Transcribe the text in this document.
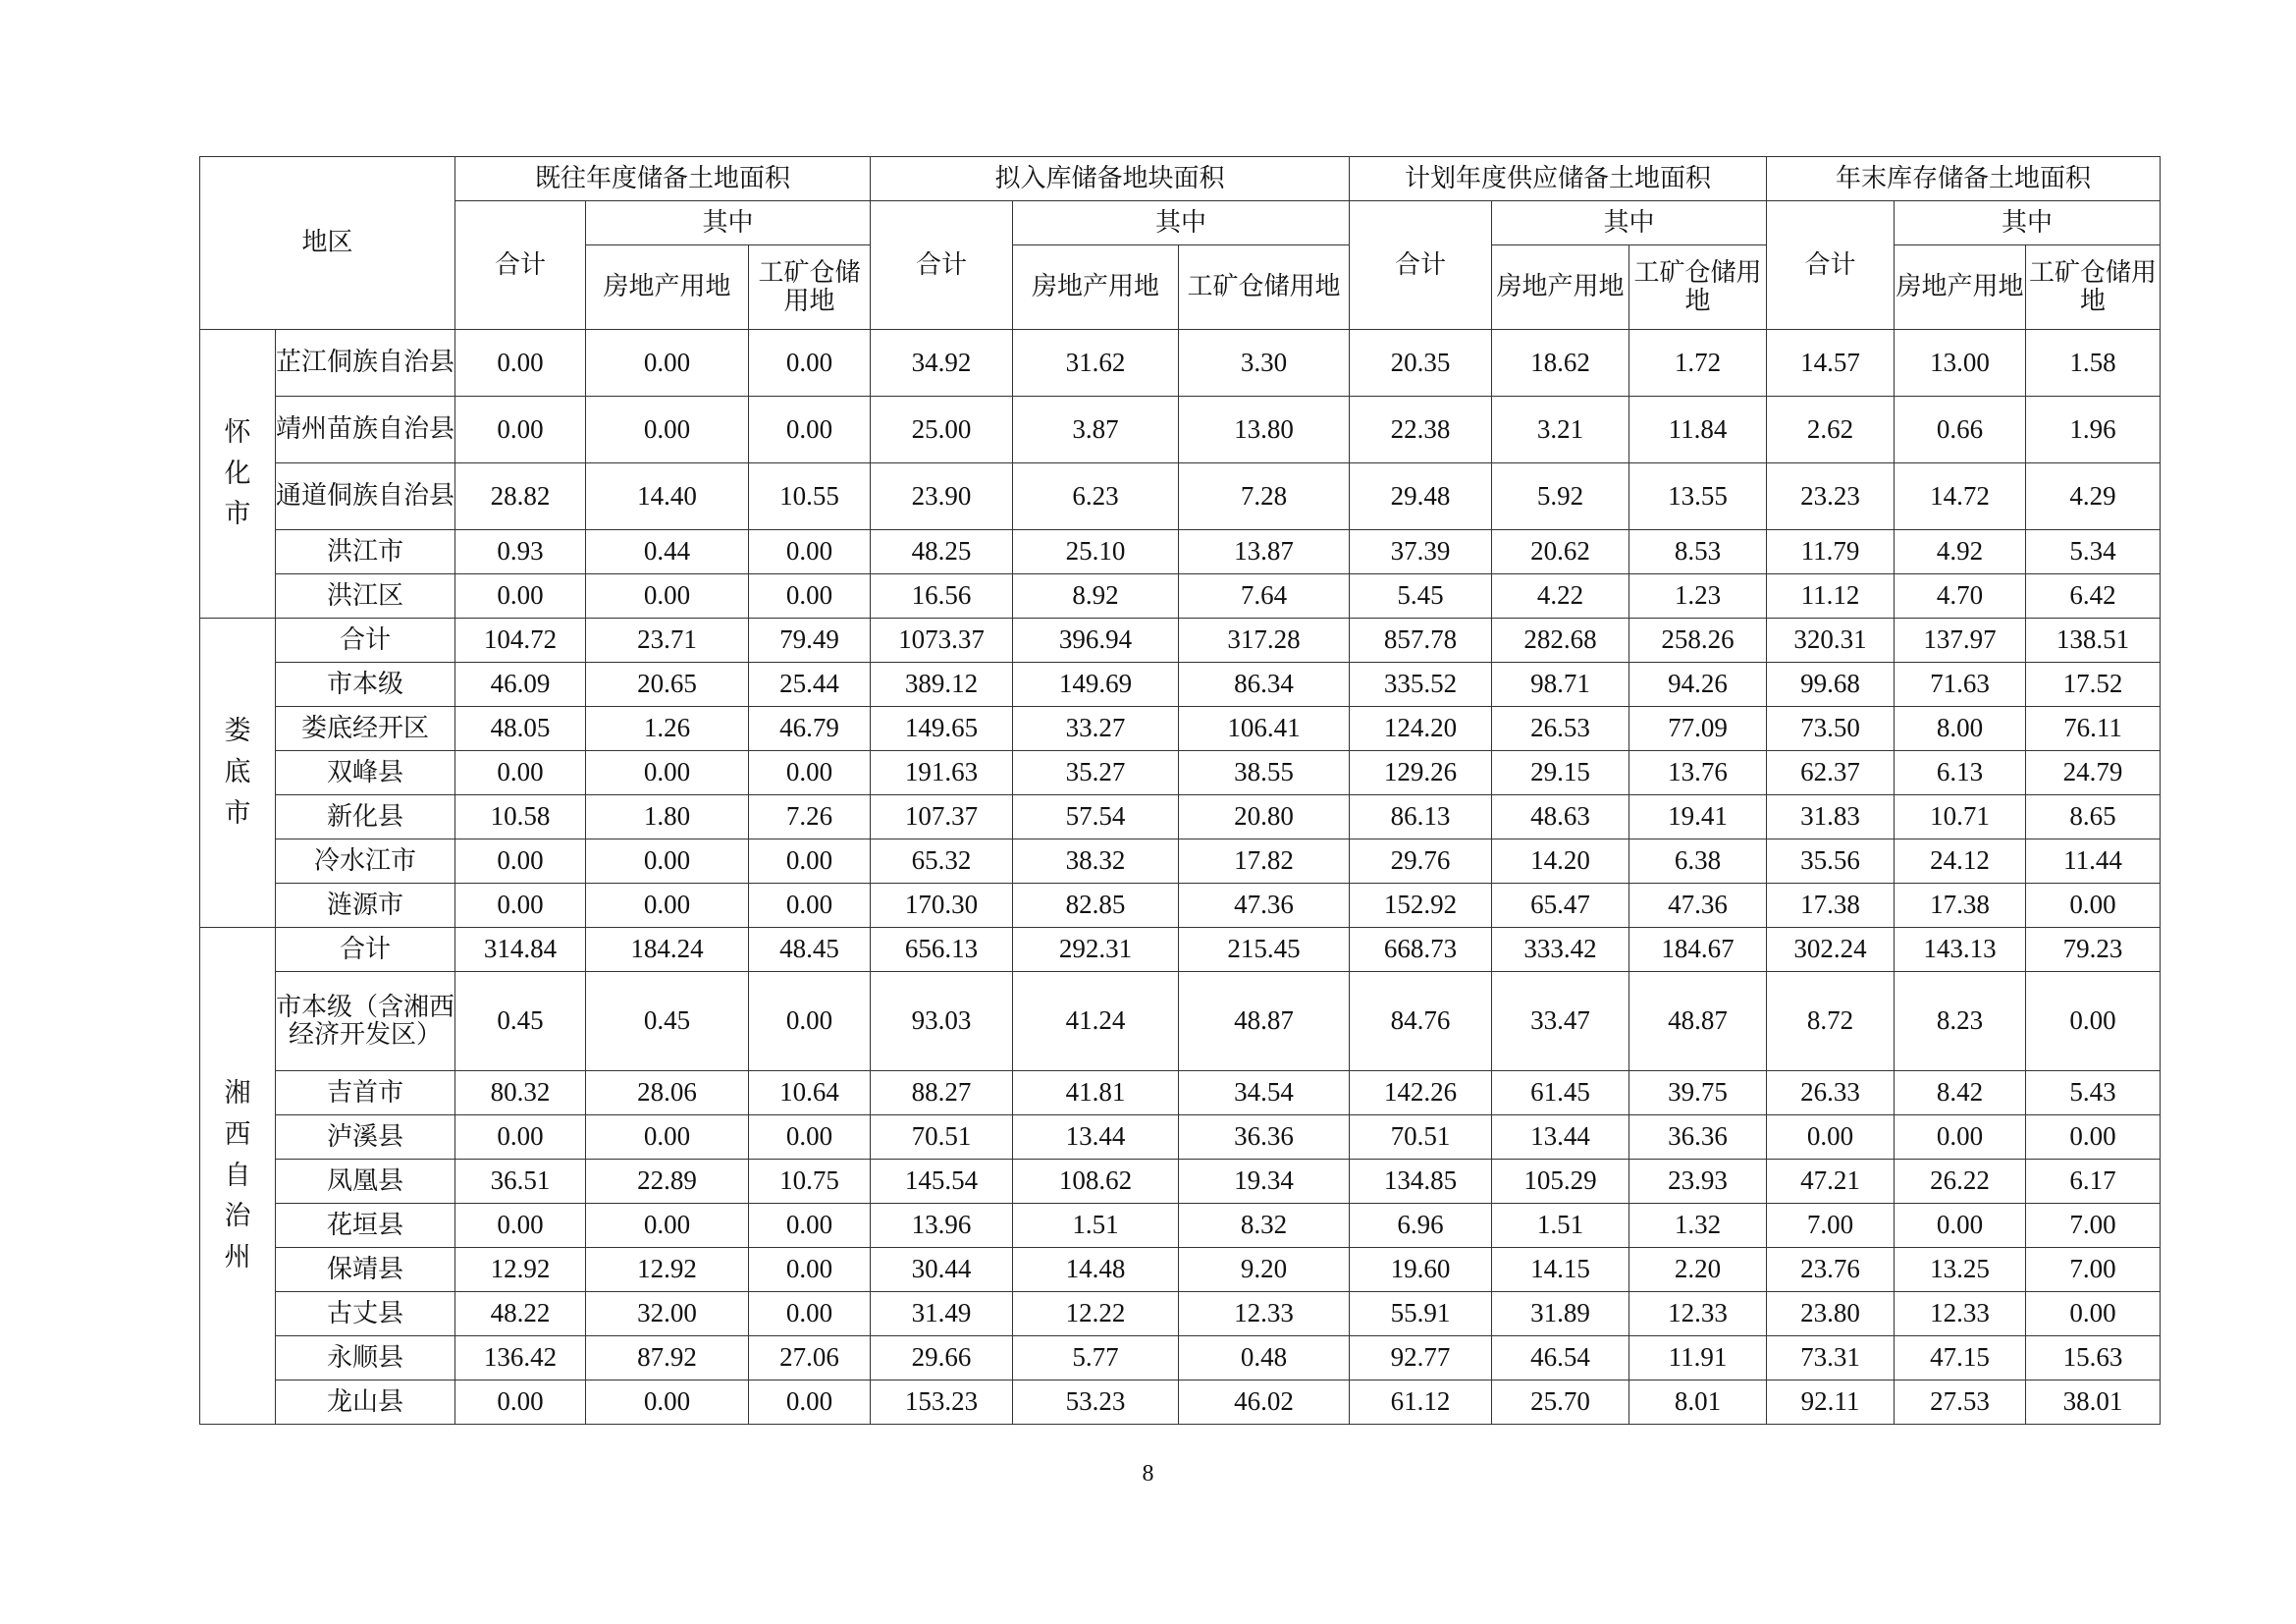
地区		既往年度储备土地面积			拟入库储备地块面积			计划年度供应储备土地面积			年末库存储备土地面积		
		合计	其中		合计	其中		合计	其中		合计	其中	
			房地产用地	工矿仓储用地		房地产用地	工矿仓储用地		房地产用地	工矿仓储用地		房地产用地	工矿仓储用地
怀化市	芷江侗族自治县	0.00	0.00	0.00	34.92	31.62	3.30	20.35	18.62	1.72	14.57	13.00	1.58
	靖州苗族自治县	0.00	0.00	0.00	25.00	3.87	13.80	22.38	3.21	11.84	2.62	0.66	1.96
	通道侗族自治县	28.82	14.40	10.55	23.90	6.23	7.28	29.48	5.92	13.55	23.23	14.72	4.29
	洪江市	0.93	0.44	0.00	48.25	25.10	13.87	37.39	20.62	8.53	11.79	4.92	5.34
	洪江区	0.00	0.00	0.00	16.56	8.92	7.64	5.45	4.22	1.23	11.12	4.70	6.42
娄底市	合计	104.72	23.71	79.49	1073.37	396.94	317.28	857.78	282.68	258.26	320.31	137.97	138.51
	市本级	46.09	20.65	25.44	389.12	149.69	86.34	335.52	98.71	94.26	99.68	71.63	17.52
	娄底经开区	48.05	1.26	46.79	149.65	33.27	106.41	124.20	26.53	77.09	73.50	8.00	76.11
	双峰县	0.00	0.00	0.00	191.63	35.27	38.55	129.26	29.15	13.76	62.37	6.13	24.79
	新化县	10.58	1.80	7.26	107.37	57.54	20.80	86.13	48.63	19.41	31.83	10.71	8.65
	冷水江市	0.00	0.00	0.00	65.32	38.32	17.82	29.76	14.20	6.38	35.56	24.12	11.44
	涟源市	0.00	0.00	0.00	170.30	82.85	47.36	152.92	65.47	47.36	17.38	17.38	0.00
湘西自治州	合计	314.84	184.24	48.45	656.13	292.31	215.45	668.73	333.42	184.67	302.24	143.13	79.23
	市本级（含湘西经济开发区）	0.45	0.45	0.00	93.03	41.24	48.87	84.76	33.47	48.87	8.72	8.23	0.00
	吉首市	80.32	28.06	10.64	88.27	41.81	34.54	142.26	61.45	39.75	26.33	8.42	5.43
	泸溪县	0.00	0.00	0.00	70.51	13.44	36.36	70.51	13.44	36.36	0.00	0.00	0.00
	凤凰县	36.51	22.89	10.75	145.54	108.62	19.34	134.85	105.29	23.93	47.21	26.22	6.17
	花垣县	0.00	0.00	0.00	13.96	1.51	8.32	6.96	1.51	1.32	7.00	0.00	7.00
	保靖县	12.92	12.92	0.00	30.44	14.48	9.20	19.60	14.15	2.20	23.76	13.25	7.00
	古丈县	48.22	32.00	0.00	31.49	12.22	12.33	55.91	31.89	12.33	23.80	12.33	0.00
	永顺县	136.42	87.92	27.06	29.66	5.77	0.48	92.77	46.54	11.91	73.31	47.15	15.63
	龙山县	0.00	0.00	0.00	153.23	53.23	46.02	61.12	25.70	8.01	92.11	27.53	38.01
8
